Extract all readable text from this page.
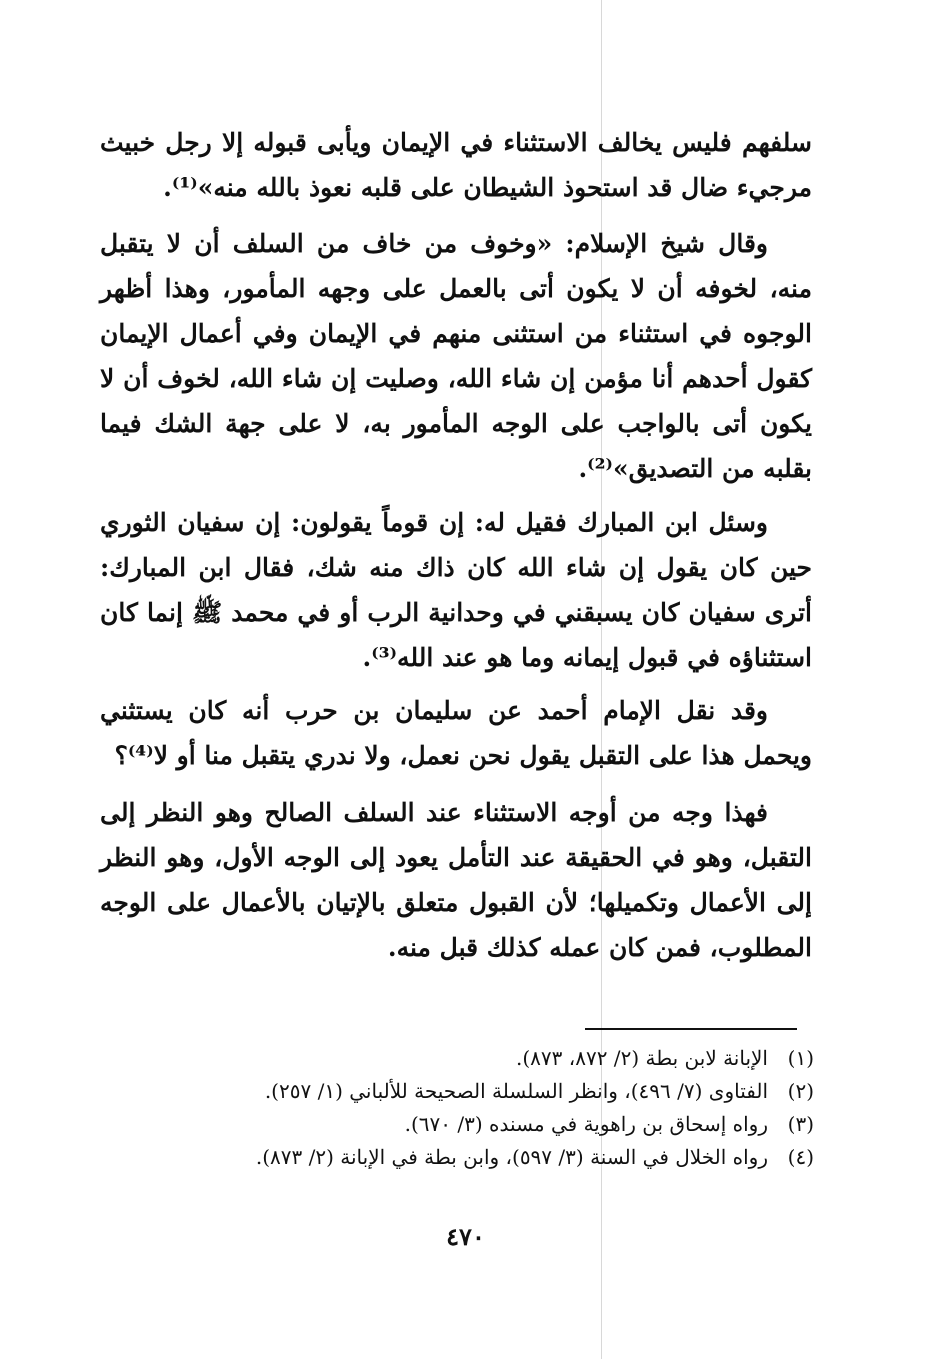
سلفهم فليس يخالف الاستثناء في الإيمان ويأبى قبوله إلا رجل خبيث مرجيء ضال قد استحوذ الشيطان على قلبه نعوذ بالله منه»⁽¹⁾.

وقال شيخ الإسلام: «وخوف من خاف من السلف أن لا يتقبل منه، لخوفه أن لا يكون أتى بالعمل على وجهه المأمور، وهذا أظهر الوجوه في استثناء من استثنى منهم في الإيمان وفي أعمال الإيمان كقول أحدهم أنا مؤمن إن شاء الله، وصليت إن شاء الله، لخوف أن لا يكون أتى بالواجب على الوجه المأمور به، لا على جهة الشك فيما بقلبه من التصديق»⁽²⁾.

وسئل ابن المبارك فقيل له: إن قوماً يقولون: إن سفيان الثوري حين كان يقول إن شاء الله كان ذاك منه شك، فقال ابن المبارك: أترى سفيان كان يسبقني في وحدانية الرب أو في محمد ﷺ إنما كان استثناؤه في قبول إيمانه وما هو عند الله⁽³⁾.

وقد نقل الإمام أحمد عن سليمان بن حرب أنه كان يستثني ويحمل هذا على التقبل يقول نحن نعمل، ولا ندري يتقبل منا أو لا⁽⁴⁾؟

فهذا وجه من أوجه الاستثناء عند السلف الصالح وهو النظر إلى التقبل، وهو في الحقيقة عند التأمل يعود إلى الوجه الأول، وهو النظر إلى الأعمال وتكميلها؛ لأن القبول متعلق بالإتيان بالأعمال على الوجه المطلوب، فمن كان عمله كذلك قبل منه.

(١)الإبانة لابن بطة (٢/ ٨٧٢، ٨٧٣).
(٢)الفتاوى (٧/ ٤٩٦)، وانظر السلسلة الصحيحة للألباني (١/ ٢٥٧).
(٣)رواه إسحاق بن راهوية في مسنده (٣/ ٦٧٠).
(٤)رواه الخلال في السنة (٣/ ٥٩٧)، وابن بطة في الإبانة (٢/ ٨٧٣).
٤٧٠
